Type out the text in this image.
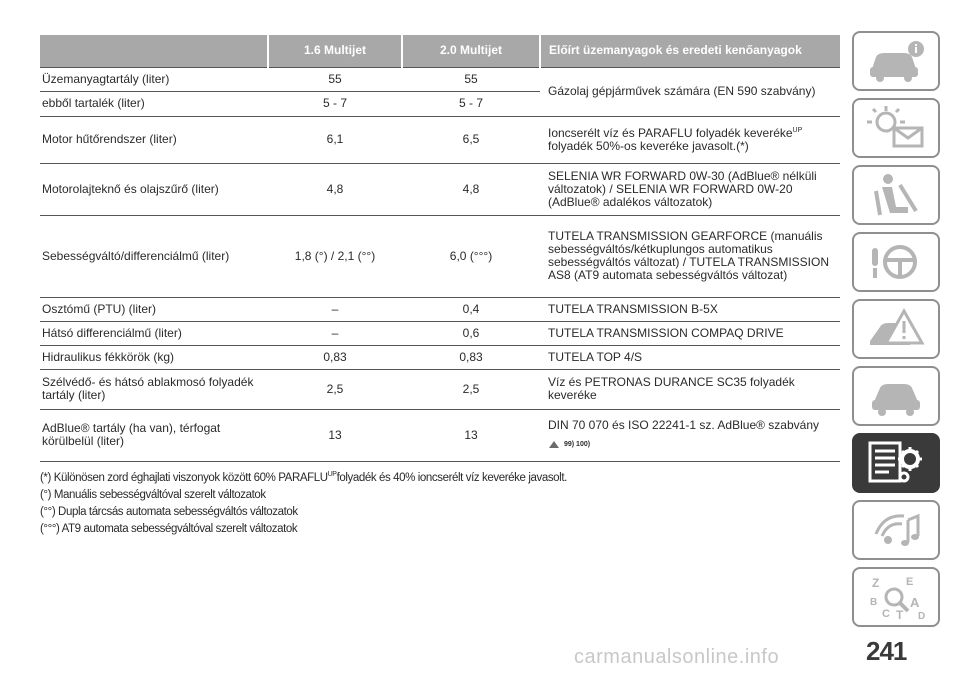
	1.6 Multijet	2.0 Multijet	Előírt üzemanyagok és eredeti kenőanyagok
Üzemanyagtartály (liter)	55	55	Gázolaj gépjárművek számára (EN 590 szabvány)
ebből tartalék (liter)	5 - 7	5 - 7	
Motor hűtőrendszer (liter)	6,1	6,5	Ioncserélt víz és PARAFLU folyadék keveréke$^{UP}$
folyadék 50%-os keveréke javasolt.(*)
Motorolajteknő és olajszűrő (liter)	4,8	4,8	SELENIA WR FORWARD 0W-30 (AdBlue® nélküli változatok) / SELENIA WR FORWARD 0W-20 (AdBlue® adalékos változatok)
Sebességváltó/differenciálmű (liter)	1,8 (°) / 2,1 (°°)	6,0 (°°°)	TUTELA TRANSMISSION GEARFORCE (manuális sebességváltós/kétkuplungos automatikus sebességváltós változat) / TUTELA TRANSMISSION AS8 (AT9 automata sebességváltós változat)
Osztómű (PTU) (liter)	–	0,4	TUTELA TRANSMISSION B-5X
Hátsó differenciálmű (liter)	–	0,6	TUTELA TRANSMISSION COMPAQ DRIVE
Hidraulikus fékkörök (kg)	0,83	0,83	TUTELA TOP 4/S
Szélvédő- és hátsó ablakmosó folyadék tartály (liter)	2,5	2,5	Víz és PETRONAS DURANCE SC35 folyadék keveréke
AdBlue® tartály (ha van), térfogat körülbelül (liter)	13	13	DIN 70 070 és ISO 22241-1 sz. AdBlue® szabvány
99) 100)

(*) Különösen zord éghajlati viszonyok között 60% $PARAFLU^{UP}folyadék$ és 40% ioncserélt víz keveréke javasolt.

(°) Manuális sebességváltóval szerelt változatok

(°°) Dupla tárcsás automata sebességváltós változatok

(°°°) AT9 automata sebességváltóval szerelt változatok

Z E
B	A
C T D
241
carmanualsonline.info
